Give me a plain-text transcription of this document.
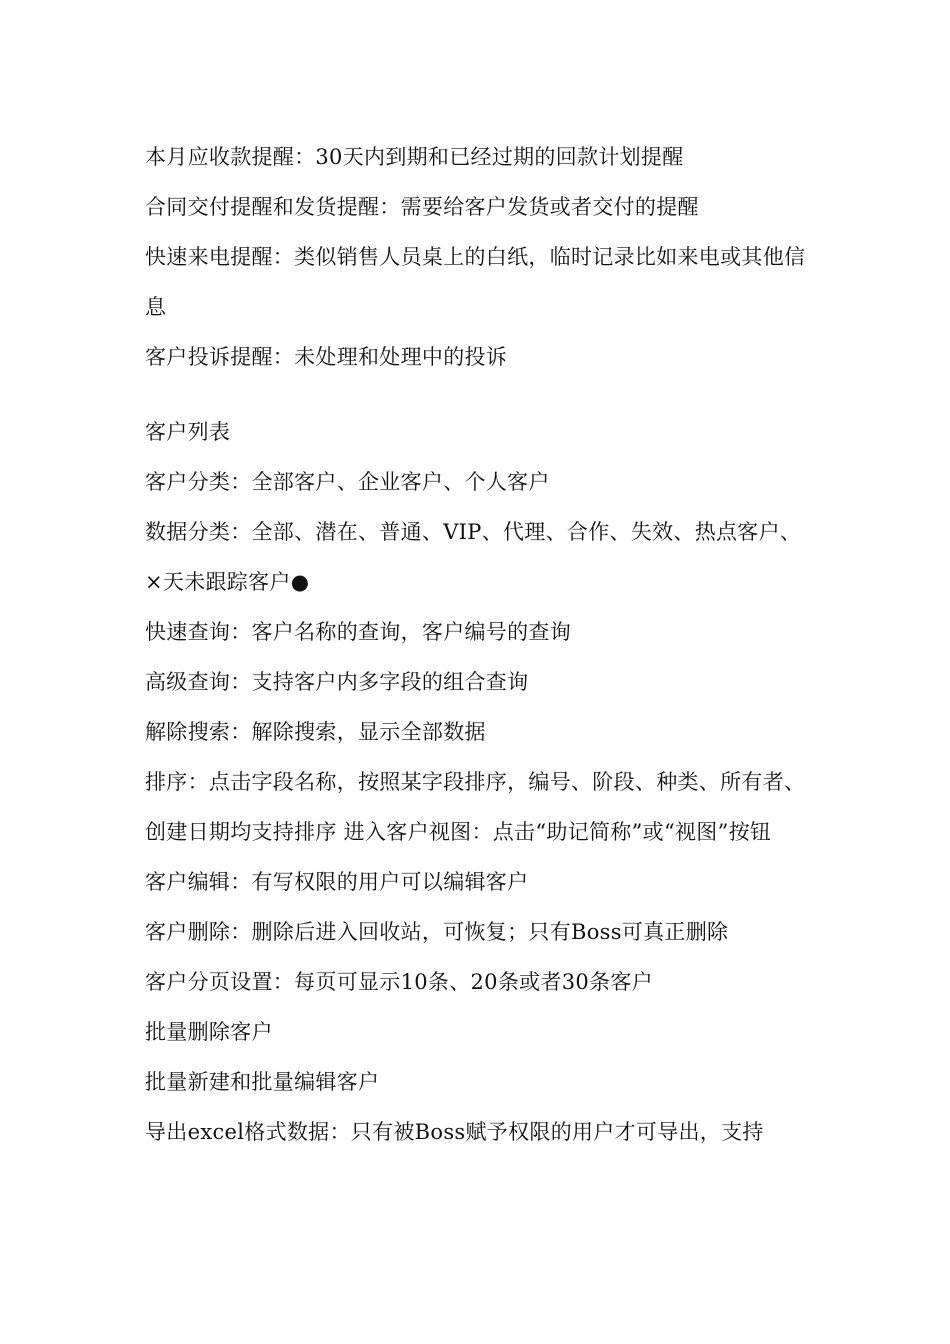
本月应收款提醒：30天内到期和已经过期的回款计划提醒

合同交付提醒和发货提醒：需要给客户发货或者交付的提醒

快速来电提醒：类似销售人员桌上的白纸，临时记录比如来电或其他信息

客户投诉提醒：未处理和处理中的投诉

客户列表

客户分类：全部客户、企业客户、个人客户

数据分类：全部、潜在、普通、VIP、代理、合作、失效、热点客户、×天未跟踪客户●

快速查询：客户名称的查询，客户编号的查询

高级查询：支持客户内多字段的组合查询

解除搜索：解除搜索，显示全部数据

排序：点击字段名称，按照某字段排序，编号、阶段、种类、所有者、创建日期均支持排序 进入客户视图：点击“助记简称”或“视图”按钮

客户编辑：有写权限的用户可以编辑客户

客户删除：删除后进入回收站，可恢复；只有Boss可真正删除

客户分页设置：每页可显示10条、20条或者30条客户

批量删除客户

批量新建和批量编辑客户

导出excel格式数据：只有被Boss赋予权限的用户才可导出，支持
